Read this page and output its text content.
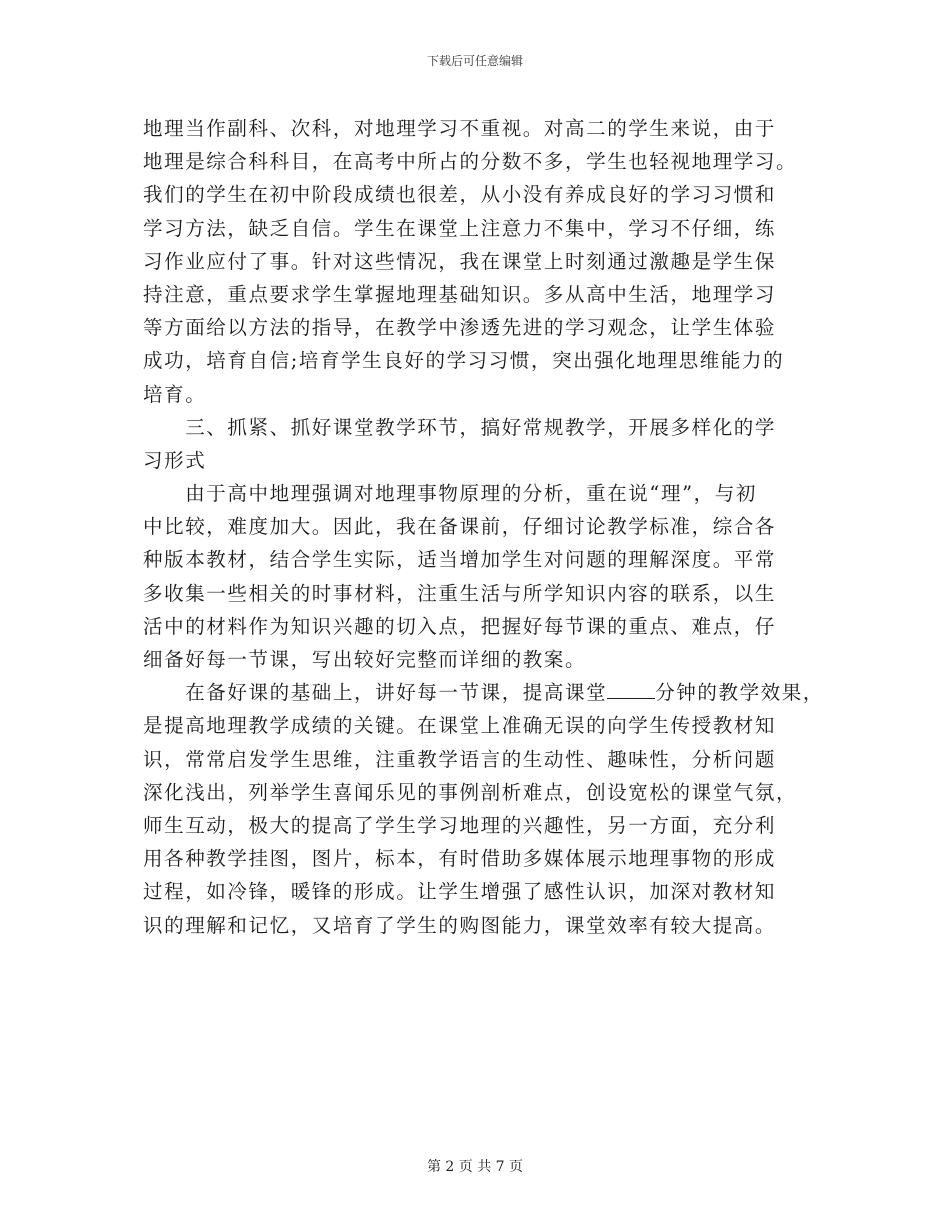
下载后可任意编辑
地理当作副科、次科，对地理学习不重视。对高二的学生来说，由于
地理是综合科科目，在高考中所占的分数不多，学生也轻视地理学习。
我们的学生在初中阶段成绩也很差，从小没有养成良好的学习习惯和
学习方法，缺乏自信。学生在课堂上注意力不集中，学习不仔细，练
习作业应付了事。针对这些情况，我在课堂上时刻通过激趣是学生保
持注意，重点要求学生掌握地理基础知识。多从高中生活，地理学习
等方面给以方法的指导，在教学中渗透先进的学习观念，让学生体验
成功，培育自信;培育学生良好的学习习惯，突出强化地理思维能力的
培育。
　　三、抓紧、抓好课堂教学环节，搞好常规教学，开展多样化的学
习形式
　　由于高中地理强调对地理事物原理的分析，重在说“理”，与初
中比较，难度加大。因此，我在备课前，仔细讨论教学标准，综合各
种版本教材，结合学生实际，适当增加学生对问题的理解深度。平常
多收集一些相关的时事材料，注重生活与所学知识内容的联系，以生
活中的材料作为知识兴趣的切入点，把握好每节课的重点、难点，仔
细备好每一节课，写出较好完整而详细的教案。
　　在备好课的基础上，讲好每一节课，提高课堂 分钟的教学效果，
是提高地理教学成绩的关键。在课堂上准确无误的向学生传授教材知
识，常常启发学生思维，注重教学语言的生动性、趣味性，分析问题
深化浅出，列举学生喜闻乐见的事例剖析难点，创设宽松的课堂气氛，
师生互动，极大的提高了学生学习地理的兴趣性，另一方面，充分利
用各种教学挂图，图片，标本，有时借助多媒体展示地理事物的形成
过程，如冷锋，暖锋的形成。让学生增强了感性认识，加深对教材知
识的理解和记忆，又培育了学生的购图能力，课堂效率有较大提高。
第 2 页 共 7 页
